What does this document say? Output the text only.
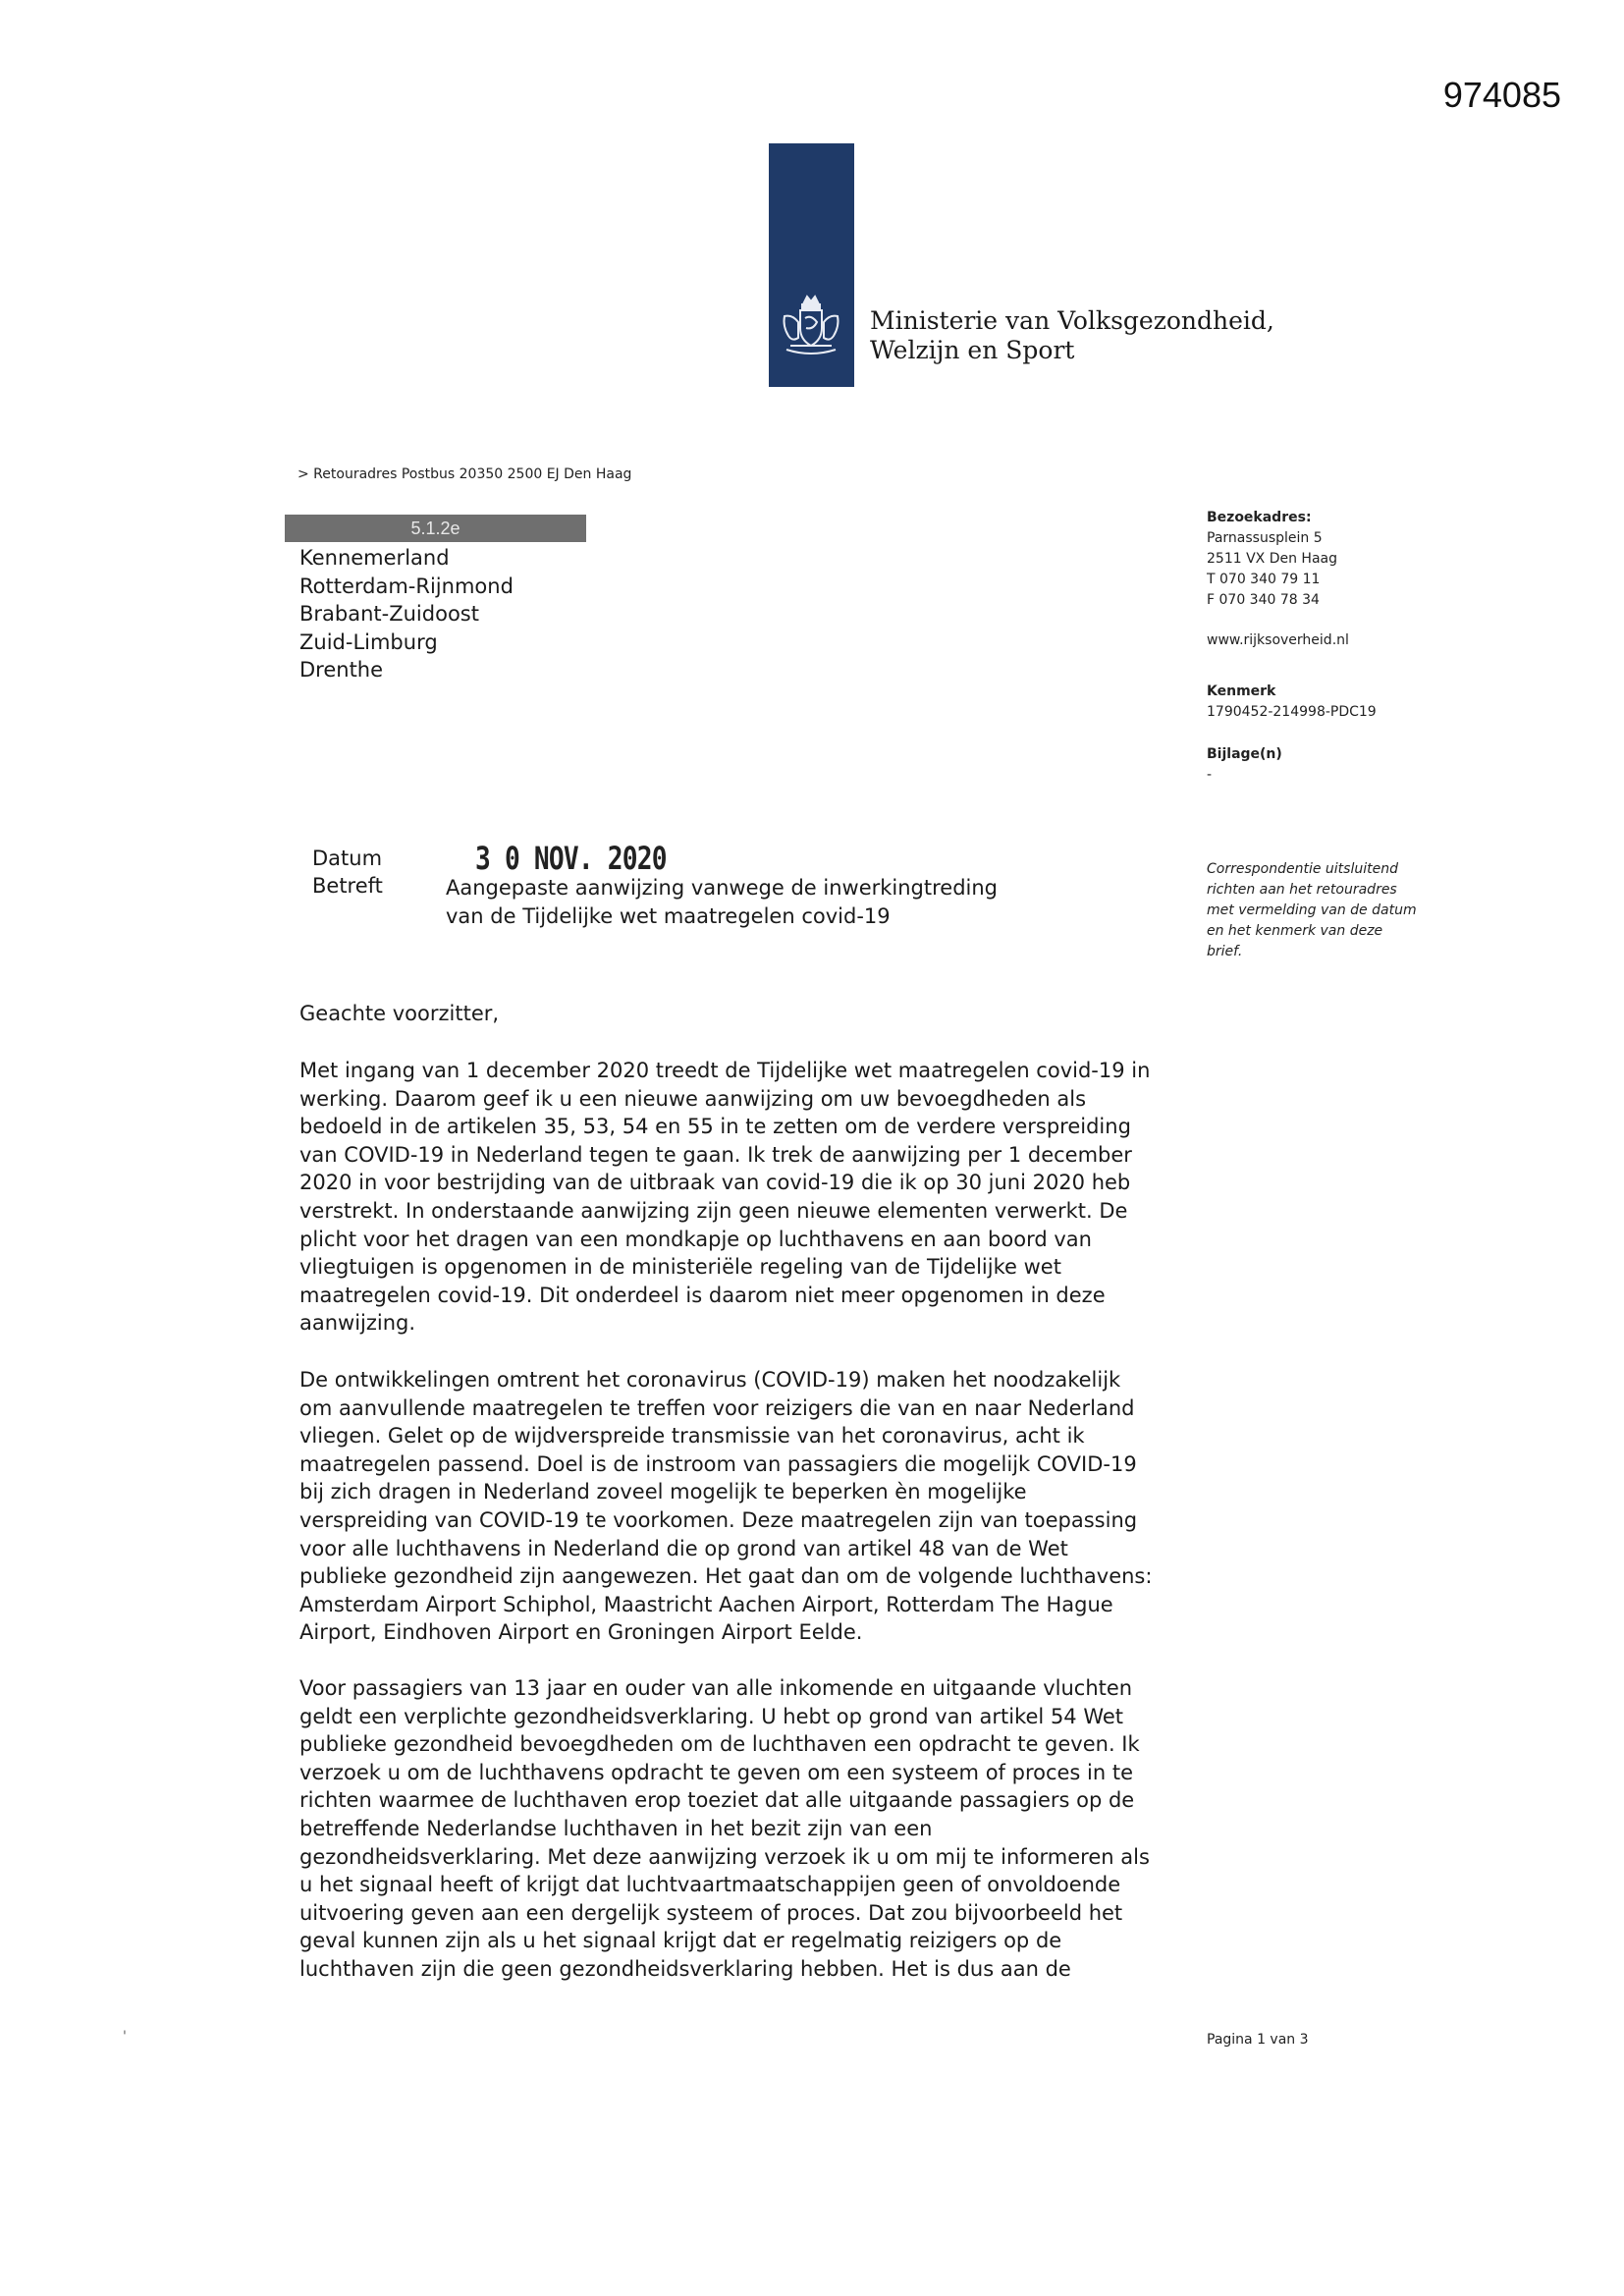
974085
Ministerie van Volksgezondheid,
Welzijn en Sport
> Retouradres Postbus 20350 2500 EJ Den Haag
5.1.2e
Kennemerland
Rotterdam-Rijnmond
Brabant-Zuidoost
Zuid-Limburg
Drenthe
Bezoekadres:
Parnassusplein 5
2511 VX Den Haag
T 070 340 79 11
F 070 340 78 34
www.rijksoverheid.nl
Kenmerk
1790452-214998-PDC19
Bijlage(n)
-
Correspondentie uitsluitend
richten aan het retouradres
met vermelding van de datum
en het kenmerk van deze
brief.
Datum	3 0 NOV. 2020
Betreft	Aangepaste aanwijzing vanwege de inwerkingtreding
van de Tijdelijke wet maatregelen covid-19
Geachte voorzitter,
Met ingang van 1 december 2020 treedt de Tijdelijke wet maatregelen covid-19 in
werking. Daarom geef ik u een nieuwe aanwijzing om uw bevoegdheden als
bedoeld in de artikelen 35, 53, 54 en 55 in te zetten om de verdere verspreiding
van COVID-19 in Nederland tegen te gaan. Ik trek de aanwijzing per 1 december
2020 in voor bestrijding van de uitbraak van covid-19 die ik op 30 juni 2020 heb
verstrekt. In onderstaande aanwijzing zijn geen nieuwe elementen verwerkt. De
plicht voor het dragen van een mondkapje op luchthavens en aan boord van
vliegtuigen is opgenomen in de ministeriële regeling van de Tijdelijke wet
maatregelen covid-19. Dit onderdeel is daarom niet meer opgenomen in deze
aanwijzing.
De ontwikkelingen omtrent het coronavirus (COVID-19) maken het noodzakelijk
om aanvullende maatregelen te treffen voor reizigers die van en naar Nederland
vliegen. Gelet op de wijdverspreide transmissie van het coronavirus, acht ik
maatregelen passend. Doel is de instroom van passagiers die mogelijk COVID-19
bij zich dragen in Nederland zoveel mogelijk te beperken èn mogelijke
verspreiding van COVID-19 te voorkomen. Deze maatregelen zijn van toepassing
voor alle luchthavens in Nederland die op grond van artikel 48 van de Wet
publieke gezondheid zijn aangewezen. Het gaat dan om de volgende luchthavens:
Amsterdam Airport Schiphol, Maastricht Aachen Airport, Rotterdam The Hague
Airport, Eindhoven Airport en Groningen Airport Eelde.
Voor passagiers van 13 jaar en ouder van alle inkomende en uitgaande vluchten
geldt een verplichte gezondheidsverklaring. U hebt op grond van artikel 54 Wet
publieke gezondheid bevoegdheden om de luchthaven een opdracht te geven. Ik
verzoek u om de luchthavens opdracht te geven om een systeem of proces in te
richten waarmee de luchthaven erop toeziet dat alle uitgaande passagiers op de
betreffende Nederlandse luchthaven in het bezit zijn van een
gezondheidsverklaring. Met deze aanwijzing verzoek ik u om mij te informeren als
u het signaal heeft of krijgt dat luchtvaartmaatschappijen geen of onvoldoende
uitvoering geven aan een dergelijk systeem of proces. Dat zou bijvoorbeeld het
geval kunnen zijn als u het signaal krijgt dat er regelmatig reizigers op de
luchthaven zijn die geen gezondheidsverklaring hebben. Het is dus aan de
'	Pagina 1 van 3
